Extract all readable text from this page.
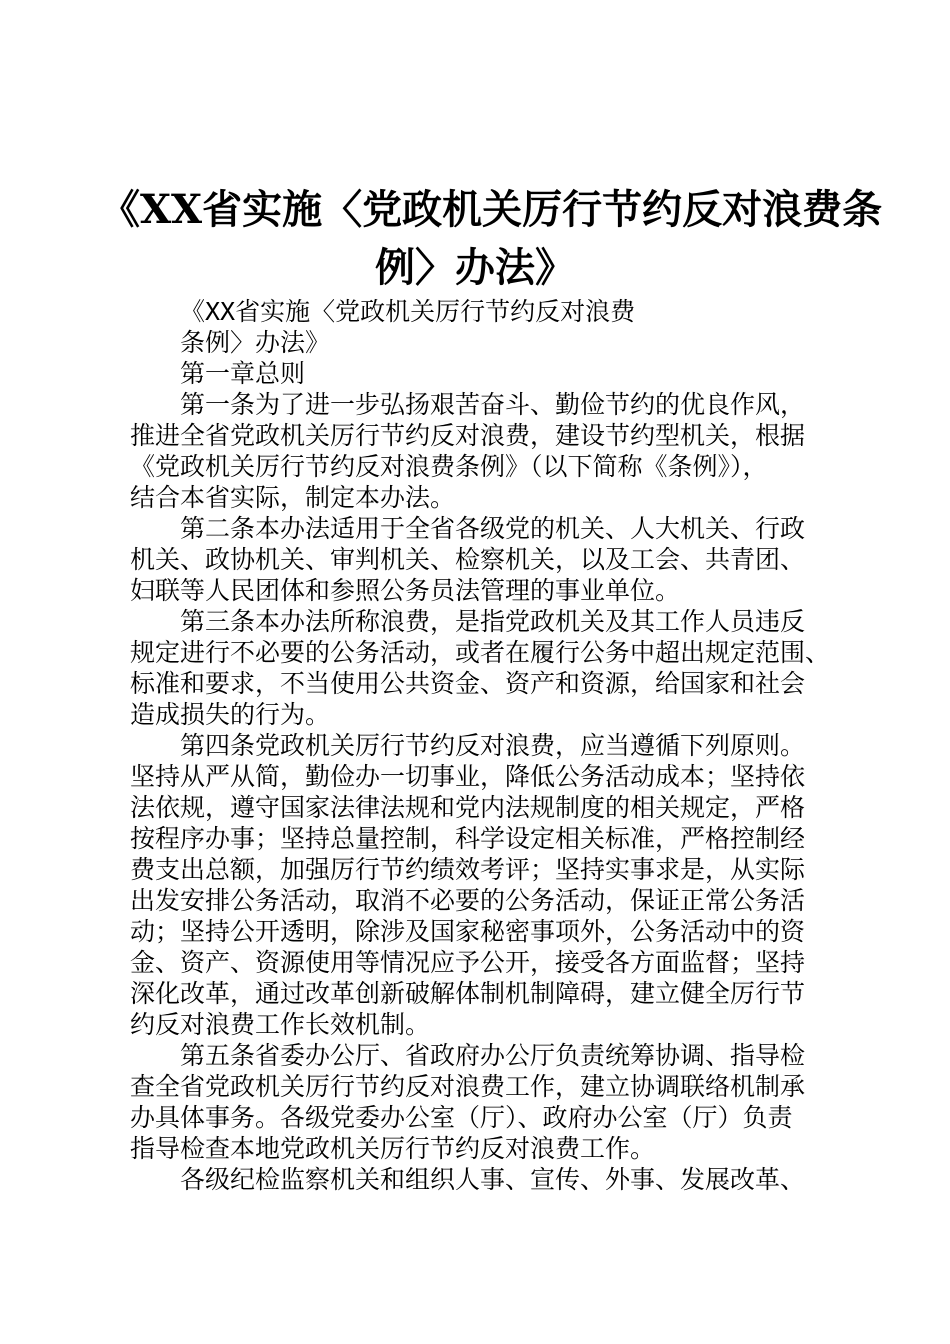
《XX省实施〈党政机关厉行节约反对浪费条
例〉办法》
《XX省实施〈党政机关厉行节约反对浪费
条例〉办法》
第一章总则
第一条为了进一步弘扬艰苦奋斗、勤俭节约的优良作风，
推进全省党政机关厉行节约反对浪费，建设节约型机关，根据
《党政机关厉行节约反对浪费条例》（以下简称《条例》），
结合本省实际，制定本办法。
第二条本办法适用于全省各级党的机关、人大机关、行政
机关、政协机关、审判机关、检察机关，以及工会、共青团、
妇联等人民团体和参照公务员法管理的事业单位。
第三条本办法所称浪费，是指党政机关及其工作人员违反
规定进行不必要的公务活动，或者在履行公务中超出规定范围、
标准和要求，不当使用公共资金、资产和资源，给国家和社会
造成损失的行为。
第四条党政机关厉行节约反对浪费，应当遵循下列原则。
坚持从严从简，勤俭办一切事业，降低公务活动成本；坚持依
法依规，遵守国家法律法规和党内法规制度的相关规定，严格
按程序办事；坚持总量控制，科学设定相关标准，严格控制经
费支出总额，加强厉行节约绩效考评；坚持实事求是，从实际
出发安排公务活动，取消不必要的公务活动，保证正常公务活
动；坚持公开透明，除涉及国家秘密事项外，公务活动中的资
金、资产、资源使用等情况应予公开，接受各方面监督；坚持
深化改革，通过改革创新破解体制机制障碍，建立健全厉行节
约反对浪费工作长效机制。
第五条省委办公厅、省政府办公厅负责统筹协调、指导检
查全省党政机关厉行节约反对浪费工作，建立协调联络机制承
办具体事务。各级党委办公室（厅）、政府办公室（厅）负责
指导检查本地党政机关厉行节约反对浪费工作。
各级纪检监察机关和组织人事、宣传、外事、发展改革、
